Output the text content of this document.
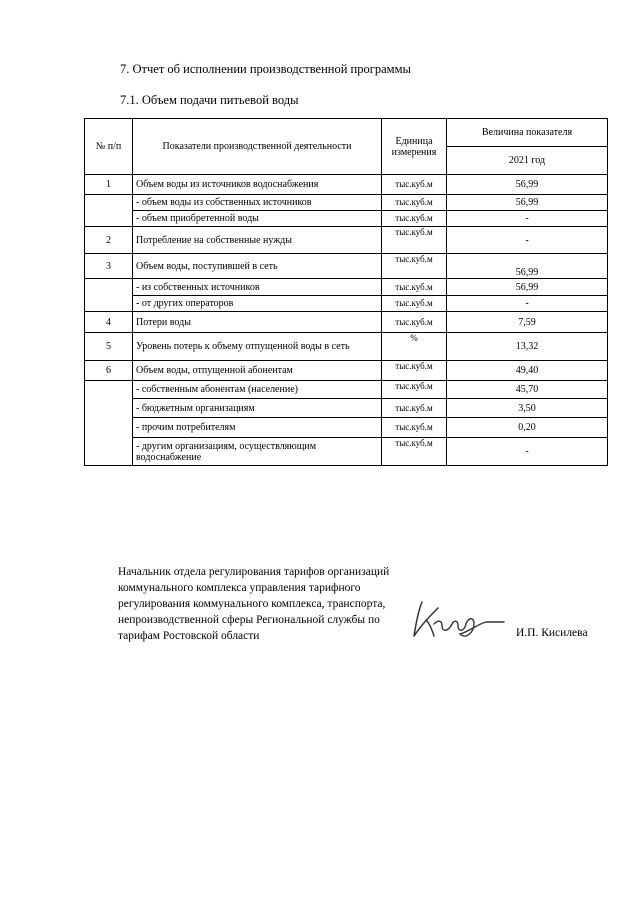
7. Отчет об исполнении производственной программы
7.1. Объем подачи питьевой воды
№ п/п	Показатели производственной деятельности	Единица измерения	Величина показателя
			2021 год
1	Объем воды из источников водоснабжения	тыс.куб.м	56,99
	- объем воды из собственных источников	тыс.куб.м	56,99
	- объем приобретенной воды	тыс.куб.м	-
2	Потребление на собственные нужды	тыс.куб.м	-
3	Объем воды, поступившей в сеть	тыс.куб.м	56,99
	- из собственных источников	тыс.куб.м	56,99
	- от других операторов	тыс.куб.м	-
4	Потери воды	тыс.куб.м	7,59
5	Уровень потерь к объему отпущенной воды в сеть	%	13,32
6	Объем воды, отпущенной абонентам	тыс.куб.м	49,40
	- собственным абонентам (население)	тыс.куб.м	45,70
	- бюджетным организациям	тыс.куб.м	3,50
	- прочим потребителям	тыс.куб.м	0,20
	- другим организациям, осуществляющим водоснабжение	тыс.куб.м	-
Начальник отдела регулирования тарифов организаций коммунального комплекса управления тарифного регулирования коммунального комплекса, транспорта, непроизводственной сферы Региональной службы по тарифам Ростовской области	И.П. Кисилева
